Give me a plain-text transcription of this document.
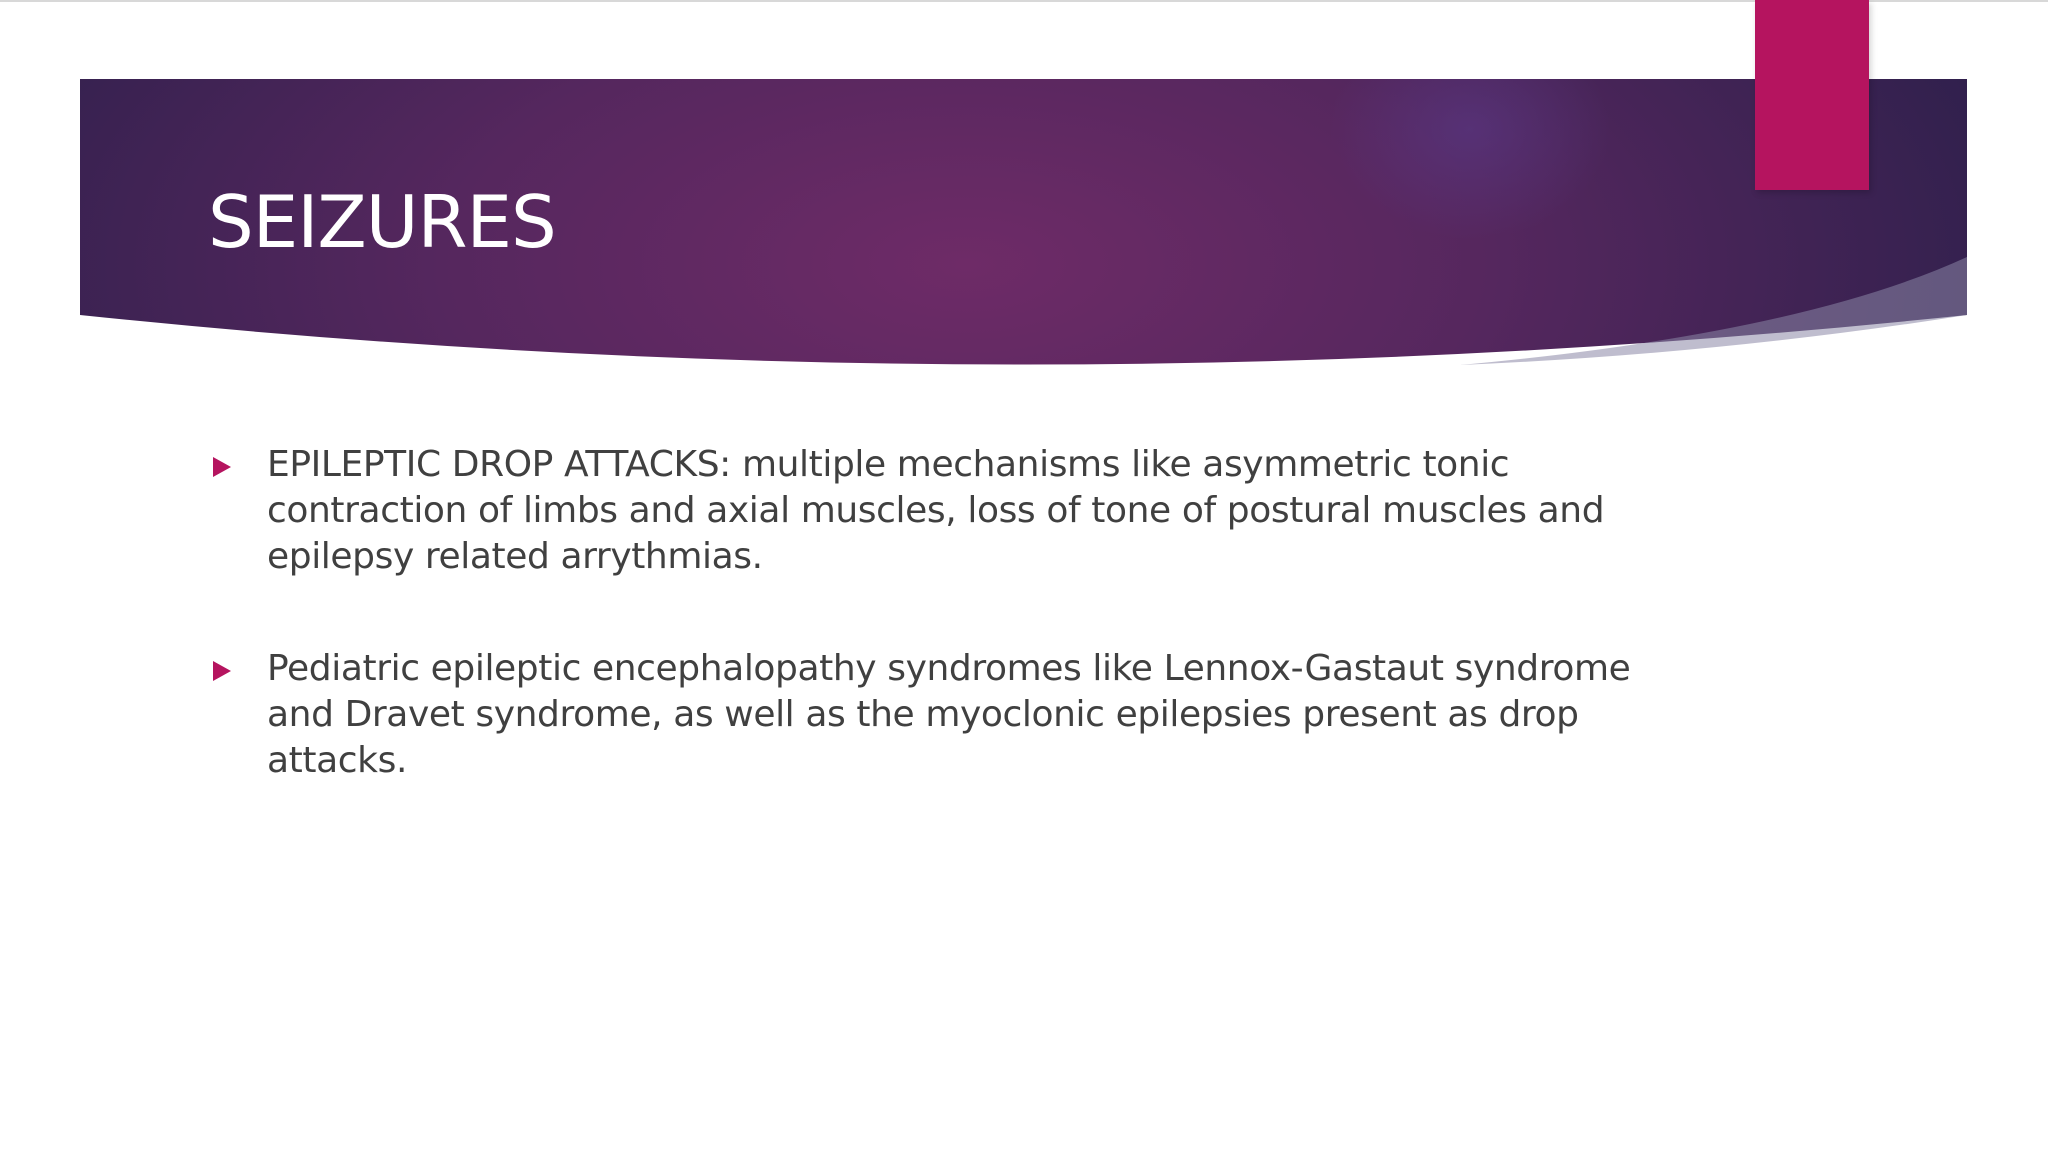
SEIZURES
EPILEPTIC DROP ATTACKS: multiple mechanisms like asymmetric tonic contraction of limbs and axial muscles, loss of tone of postural muscles and epilepsy related arrythmias.
Pediatric epileptic encephalopathy syndromes like Lennox-Gastaut syndrome and Dravet syndrome, as well as the myoclonic epilepsies present as drop attacks.
